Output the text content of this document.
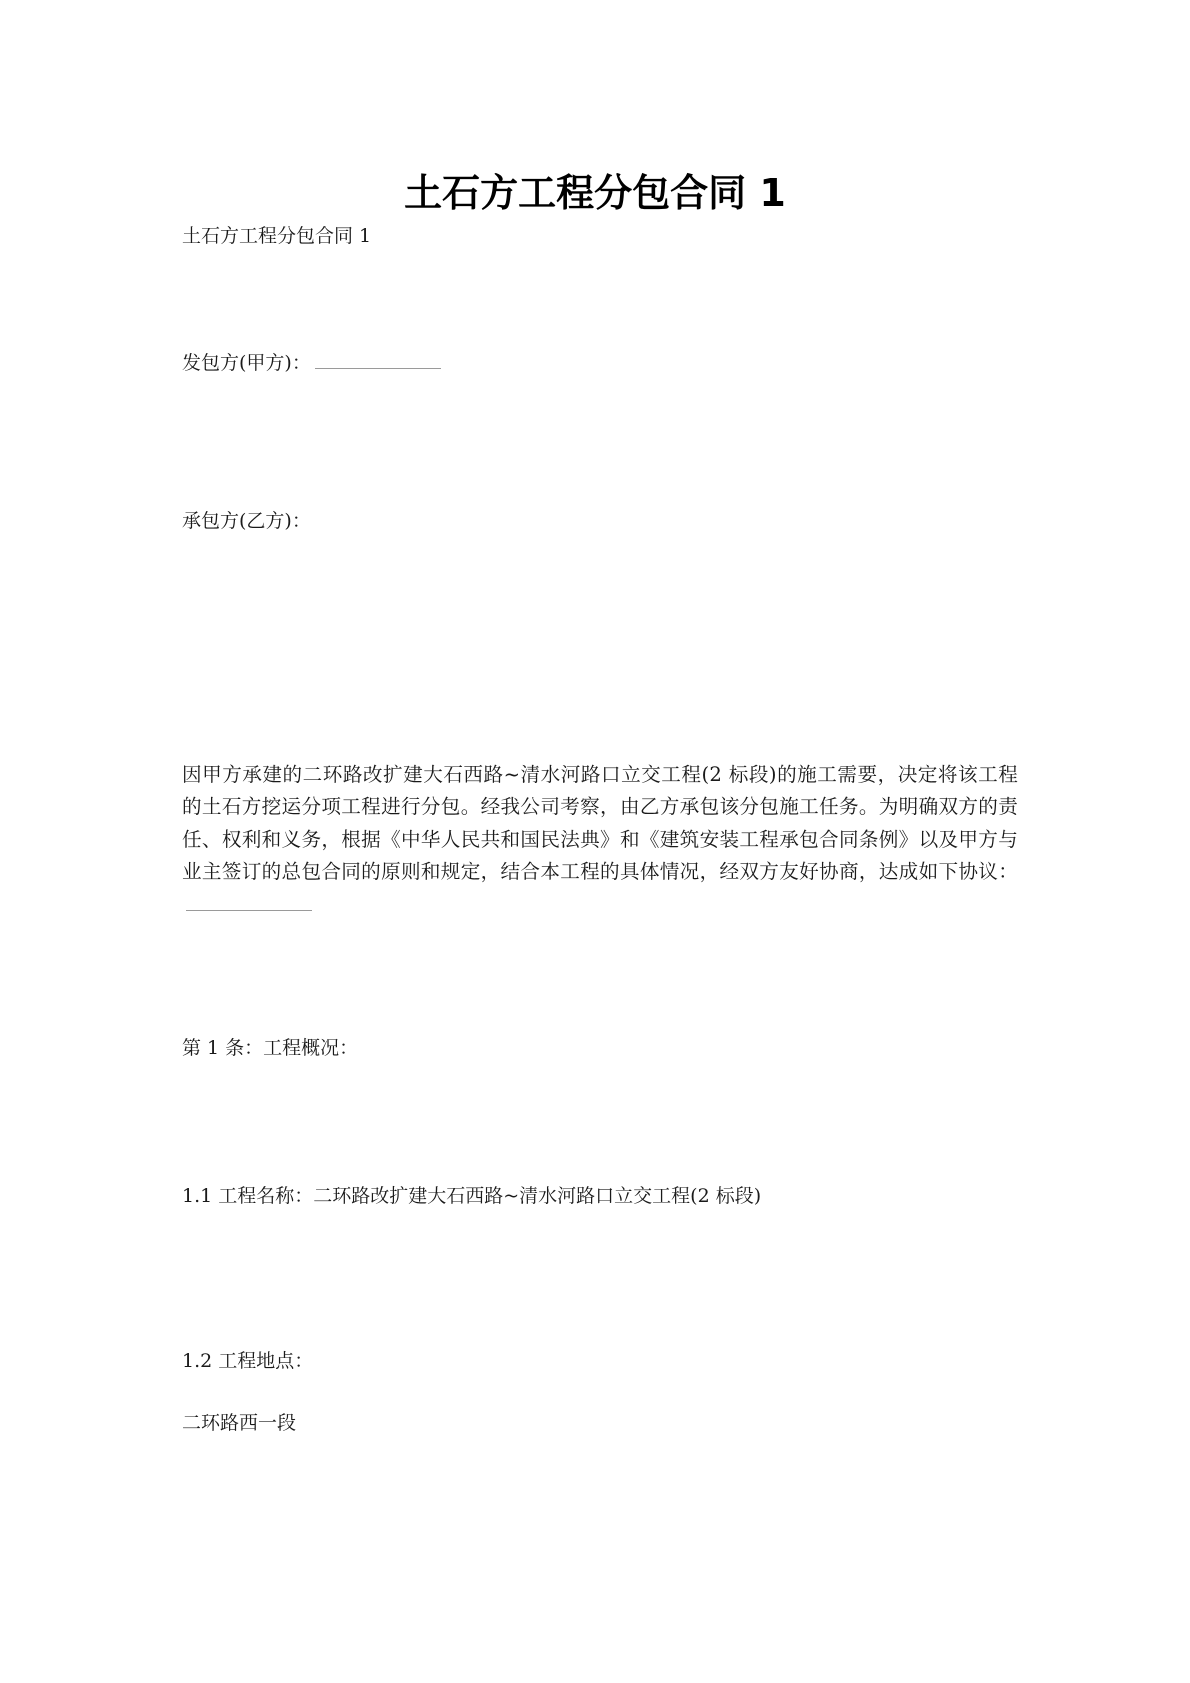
土石方工程分包合同 1
土石方工程分包合同 1
发包方(甲方)：
承包方(乙方)：
因甲方承建的二环路改扩建大石西路~清水河路口立交工程(2 标段)的施工需要，决定将该工程的土石方挖运分项工程进行分包。经我公司考察，由乙方承包该分包施工任务。为明确双方的责任、权利和义务，根据《中华人民共和国民法典》和《建筑安装工程承包合同条例》以及甲方与业主签订的总包合同的原则和规定，结合本工程的具体情况，经双方友好协商，达成如下协议：
第 1 条：工程概况：
1.1 工程名称：二环路改扩建大石西路~清水河路口立交工程(2 标段)
1.2 工程地点：
二环路西一段
